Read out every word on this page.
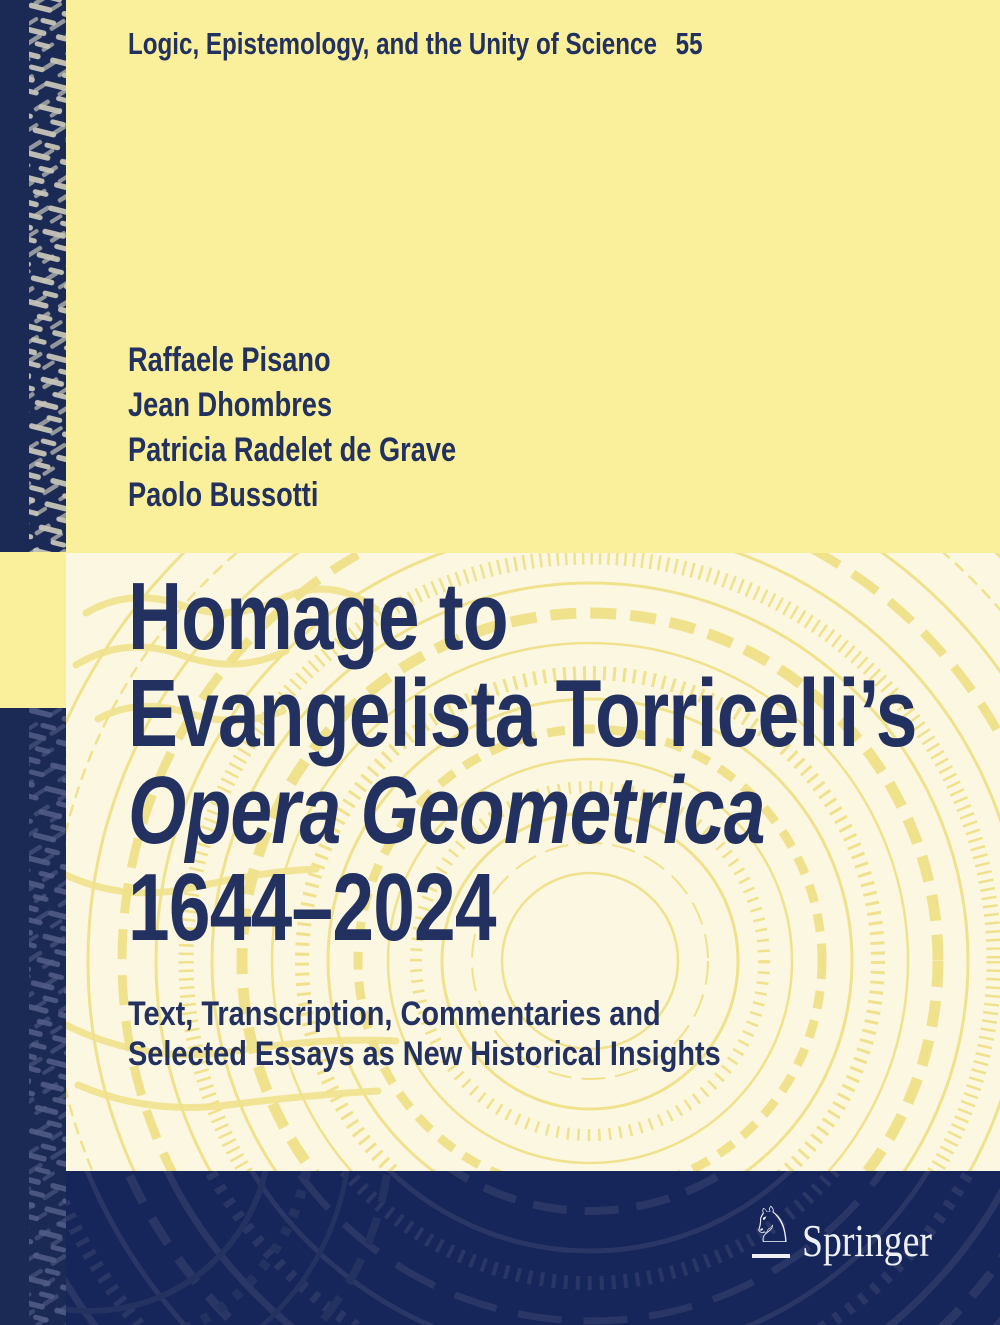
Logic, Epistemology, and the Unity of Science 55
Raffaele Pisano
Jean Dhombres
Patricia Radelet de Grave
Paolo Bussotti
Homage to
Evangelista Torricelli’s
Opera Geometrica
1644–2024
Text, Transcription, Commentaries and
Selected Essays as New Historical Insights
♘ Springer
